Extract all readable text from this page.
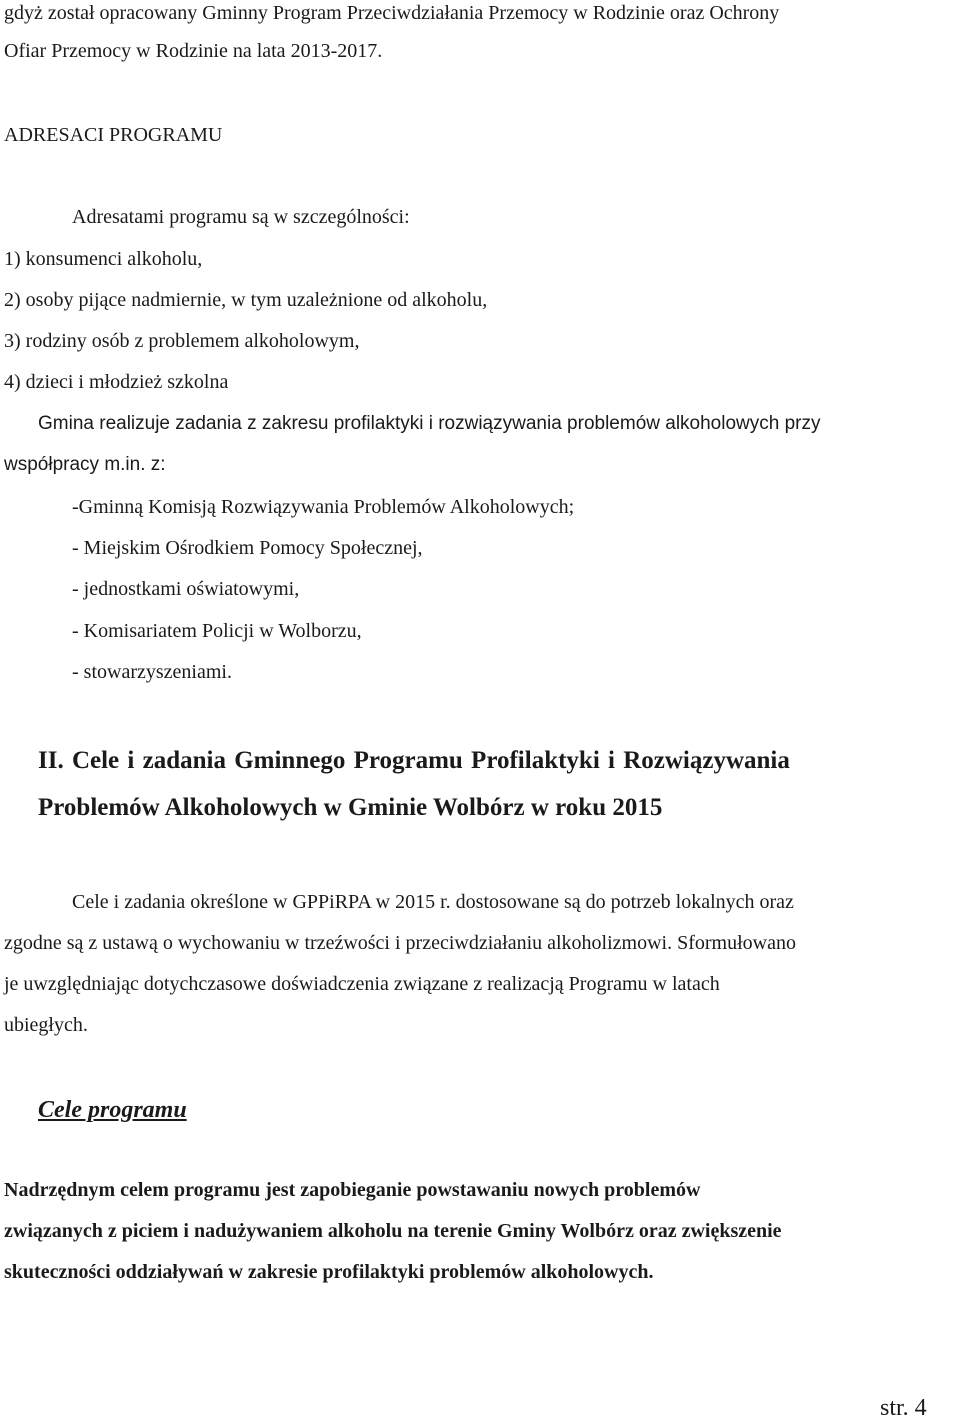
gdyż został opracowany Gminny Program Przeciwdziałania Przemocy w Rodzinie oraz Ochrony
Ofiar Przemocy w Rodzinie na lata 2013-2017.
ADRESACI PROGRAMU
Adresatami programu są w szczególności:
1) konsumenci alkoholu,
2) osoby pijące nadmiernie, w tym uzależnione od alkoholu,
3) rodziny osób z problemem alkoholowym,
4) dzieci i młodzież szkolna
Gmina realizuje zadania z zakresu profilaktyki i rozwiązywania problemów alkoholowych przy
współpracy m.in. z:
-Gminną Komisją Rozwiązywania Problemów Alkoholowych;
- Miejskim Ośrodkiem Pomocy Społecznej,
- jednostkami oświatowymi,
- Komisariatem Policji w Wolborzu,
- stowarzyszeniami.
II. Cele i zadania Gminnego Programu Profilaktyki i Rozwiązywania
Problemów Alkoholowych w Gminie Wolbórz w roku 2015
Cele i zadania określone w GPPiRPA w 2015 r. dostosowane są do potrzeb lokalnych oraz
zgodne są z ustawą o wychowaniu w trzeźwości i przeciwdziałaniu alkoholizmowi. Sformułowano
je uwzględniając dotychczasowe doświadczenia związane z realizacją Programu w latach
ubiegłych.
Cele programu
Nadrzędnym celem programu jest zapobieganie powstawaniu nowych problemów
związanych z piciem i nadużywaniem alkoholu na terenie Gminy Wolbórz oraz zwiększenie
skuteczności oddziaływań w zakresie profilaktyki problemów alkoholowych.
str. 4
